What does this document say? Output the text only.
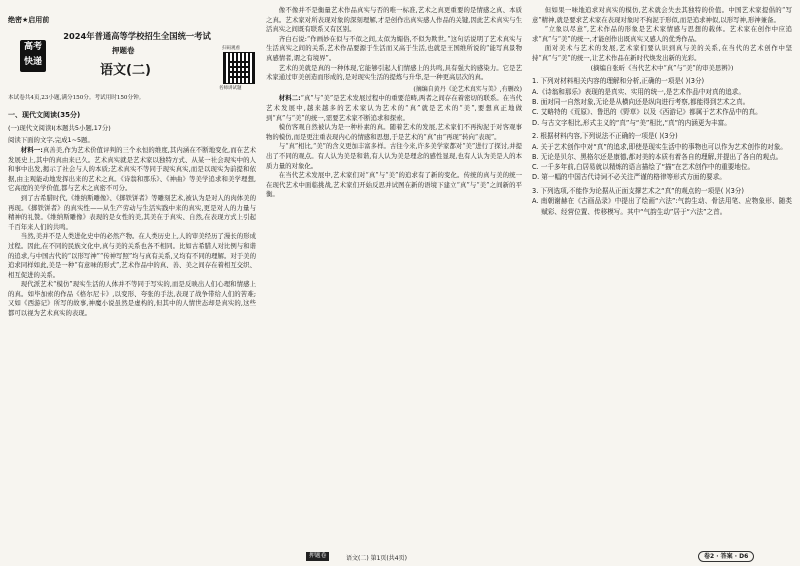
绝密★启用前
高考
快递
2024年普通高等学校招生全国统一考试
押题卷
语文(二)
扫码观看
名师讲试题

本试卷共4页,23小题,满分150分。考试用时150分钟。

一、现代文阅读(35分)

(一)现代文阅读Ⅰ(本题共5小题,17分)

阅读下面的文字,完成1~5题。

材料一:真善美,作为艺术价值评判的三个永恒的维度,其内涵在不断地变化,而在艺术发展史上,其中的真由来已久。艺术真实就是艺术家以独特方式、从某一社会现实中的人和事中出发,揭示了社会与人的本质;艺术真实不等同于现实真实,而是以现实为前提和依据,由主观能动地发挥出来的艺术之真。《诗翁和那乐》、《神曲》等美学追求和美学理想,它高度的美学价值,都与艺术之真密不可分。

到了古希腊时代,《维纳斯雕像》、《掷铁饼者》等雕刻艺术,被认为是对人的肉体美的再现。《掷铁饼者》的真实性——从生产劳动与生活实践中来的真实,更是对人的力量与精神的礼赞。《维纳斯雕像》表现的是女性的美,其美在于真实、自然,在表现方式上引起千百年来人们的共鸣。

当然,美并不是人类进化史中的必然产物。在人类历史上,人的审美经历了漫长的形成过程。因此,在不同的民族文化中,真与美的关系也各不相同。比如古希腊人对比例与和谐的追求,与中国古代的“以形写神”“传神写照”均与真有关系,又均有不同的理解。对于美的追求同样如此,美是一种“有意味的形式”,艺术作品中的真、善、美之间存在着相互交织、相互促进的关系。

现代派艺术“模仿”现实生活的人体并不等同于写实的,而是反映出人们心理和情感上的真。如毕加索的作品《格尔尼卡》,以变形、夸张的手法,表现了战争带给人们的苦难;又如《西游记》所写的故事,神魔小说虽然是虚构的,但其中的人情世态却是真实的,这些都可以视为艺术真实的表现。

像不像并不是衡量艺术作品真实与否的唯一标准,艺术之真更重要的是情感之真、本质之真。艺术家对所表现对象的深刻理解,才是创作出真实感人作品的关键,因此艺术真实与生活真实之间既有联系又有区别。

齐白石说:“作画妙在似与不似之间,太似为媚俗,不似为欺世。”这句话说明了艺术真实与生活真实之间的关系,艺术作品要源于生活而又高于生活,也就是王国维所说的“能写真景物真感情者,谓之有境界”。

艺术的美就是真的一种体现,它能够引起人们情感上的共鸣,具有强大的感染力。它是艺术家通过审美创造而形成的,是对现实生活的提炼与升华,是一种更高层次的真。

(摘编自黄丹《论艺术真实与美》,有删改)

材料二:“真”与“美”是艺术发展过程中的重要范畴,两者之间存在着密切的联系。在当代艺术发展中,越来越多的艺术家认为艺术的“真”就是艺术的“美”,要想真正地做到“真”与“美”的统一,需要艺术家不断追求和探索。

模仿客观自然被认为是一种朴素的真。随着艺术的发展,艺术家们不再拘泥于对客观事物的模仿,而是更注重表现内心的情感和思想,于是艺术的“真”由“再现”转向“表现”。

与“真”相比,“美”的含义更加丰富多样。古往今来,许多美学家都对“美”进行了探讨,并提出了不同的观点。有人认为美是和谐,有人认为美是理念的感性显现,也有人认为美是人的本质力量的对象化。

在当代艺术发展中,艺术家们对“真”与“美”的追求有了新的变化。传统的真与美的统一在现代艺术中面临挑战,艺术家们开始反思并试图在新的语境下建立“真”与“美”之间新的平衡。

但如果一味地追求对真实的模仿,艺术就会失去其独特的价值。中国艺术家提倡的“写意”精神,就是要求艺术家在表现对象时不拘泥于形似,而是追求神似,以形写神,形神兼备。

“立象以尽意”,艺术作品的形象是艺术家情感与思想的载体。艺术家在创作中应追求“真”与“美”的统一,才能创作出既真实又感人的优秀作品。

面对美术与艺术的发展,艺术家们要认识到真与美的关系,在当代的艺术创作中坚持“真”与“美”的统一,让艺术作品在新时代焕发出新的光彩。

(摘编自张昕《当代艺术中“真”与“美”的审美思辨》)

1. 下列对材料相关内容的理解和分析,正确的一项是( )(3分)

A.《诗翁和那乐》表现的是真实、实用的统一,是艺术作品中对真的追求。
B. 面对同一自然对象,无论是从横向还是纵向进行考察,都能得到艺术之真。
C. 艾略特的《荒原》、鲁迅的《野草》以及《西游记》都属于艺术作品中的真。
D. 与古文字相比,形式主义的“真”与“美”相比,“真”的内涵更为丰富。

2. 根据材料内容,下列说法不正确的一项是( )(3分)

A. 关于艺术创作中对“真”的追求,即使是现实生活中的事物也可以作为艺术创作的对象。
B. 无论是贝尔、黑格尔还是康德,都对美的本质有着各自的理解,并提出了各自的观点。
C. 一千多年前,白居易就以精炼的语言描绘了“描”在艺术创作中的重要地位。
D. 第一幅的中国古代诗词不必关注严谨的格律等形式方面的要求。

3. 下列选项,不能作为论据从正面支撑艺术之“真”的观点的一项是( )(3分)

A. 南朝谢赫在《古画品录》中提出了绘画“六法”:气韵生动、骨法用笔、应物象形、随类赋彩、经营位置、传移模写。其中“气韵生动”居于“六法”之首。
押题卷	语文(二) 第1页(共4页)	卷2 · 答案 · D6
